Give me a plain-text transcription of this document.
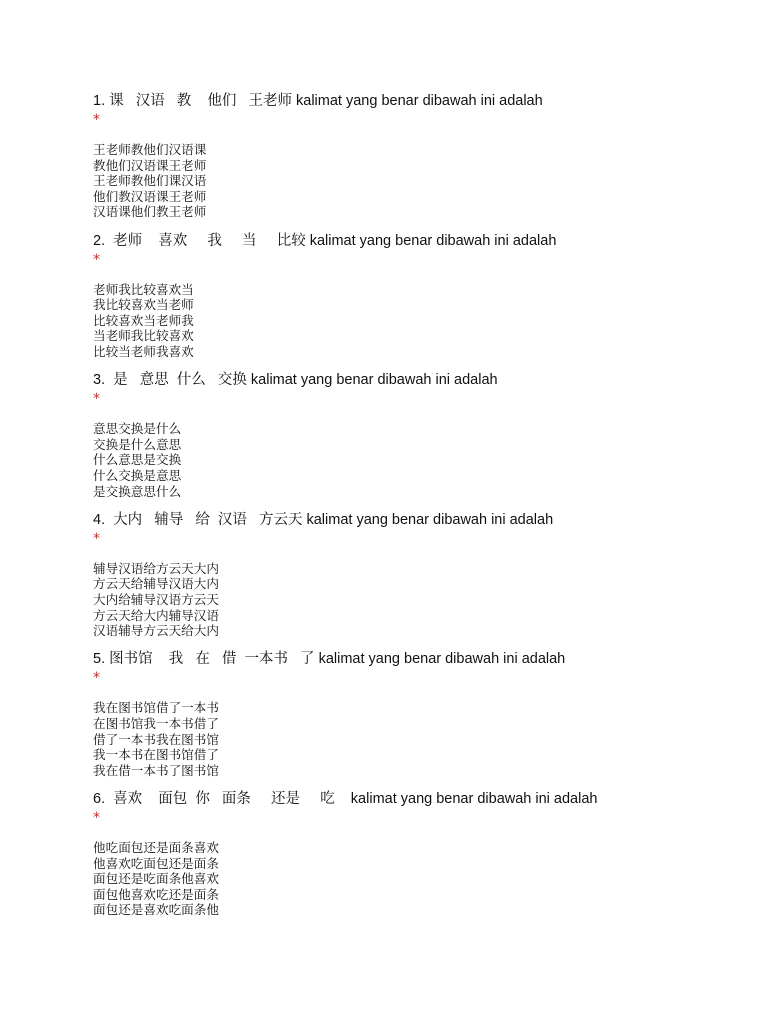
1. 课   汉语   教    他们   王老师 kalimat yang benar dibawah ini adalah
*
王老师教他们汉语课
教他们汉语课王老师
王老师教他们课汉语
他们教汉语课王老师
汉语课他们教王老师
2.  老师    喜欢     我     当     比较 kalimat yang benar dibawah ini adalah
*
老师我比较喜欢当
我比较喜欢当老师
比较喜欢当老师我
当老师我比较喜欢
比较当老师我喜欢
3.  是   意思  什么   交换 kalimat yang benar dibawah ini adalah
*
意思交换是什么
交换是什么意思
什么意思是交换
什么交换是意思
是交换意思什么
4.  大内   辅导   给  汉语   方云天 kalimat yang benar dibawah ini adalah
*
辅导汉语给方云天大内
方云天给辅导汉语大内
大内给辅导汉语方云天
方云天给大内辅导汉语
汉语辅导方云天给大内
5. 图书馆    我   在   借  一本书   了 kalimat yang benar dibawah ini adalah
*
我在图书馆借了一本书
在图书馆我一本书借了
借了一本书我在图书馆
我一本书在图书馆借了
我在借一本书了图书馆
6.  喜欢    面包  你   面条     还是     吃    kalimat yang benar dibawah ini adalah
*
他吃面包还是面条喜欢
他喜欢吃面包还是面条
面包还是吃面条他喜欢
面包他喜欢吃还是面条
面包还是喜欢吃面条他
